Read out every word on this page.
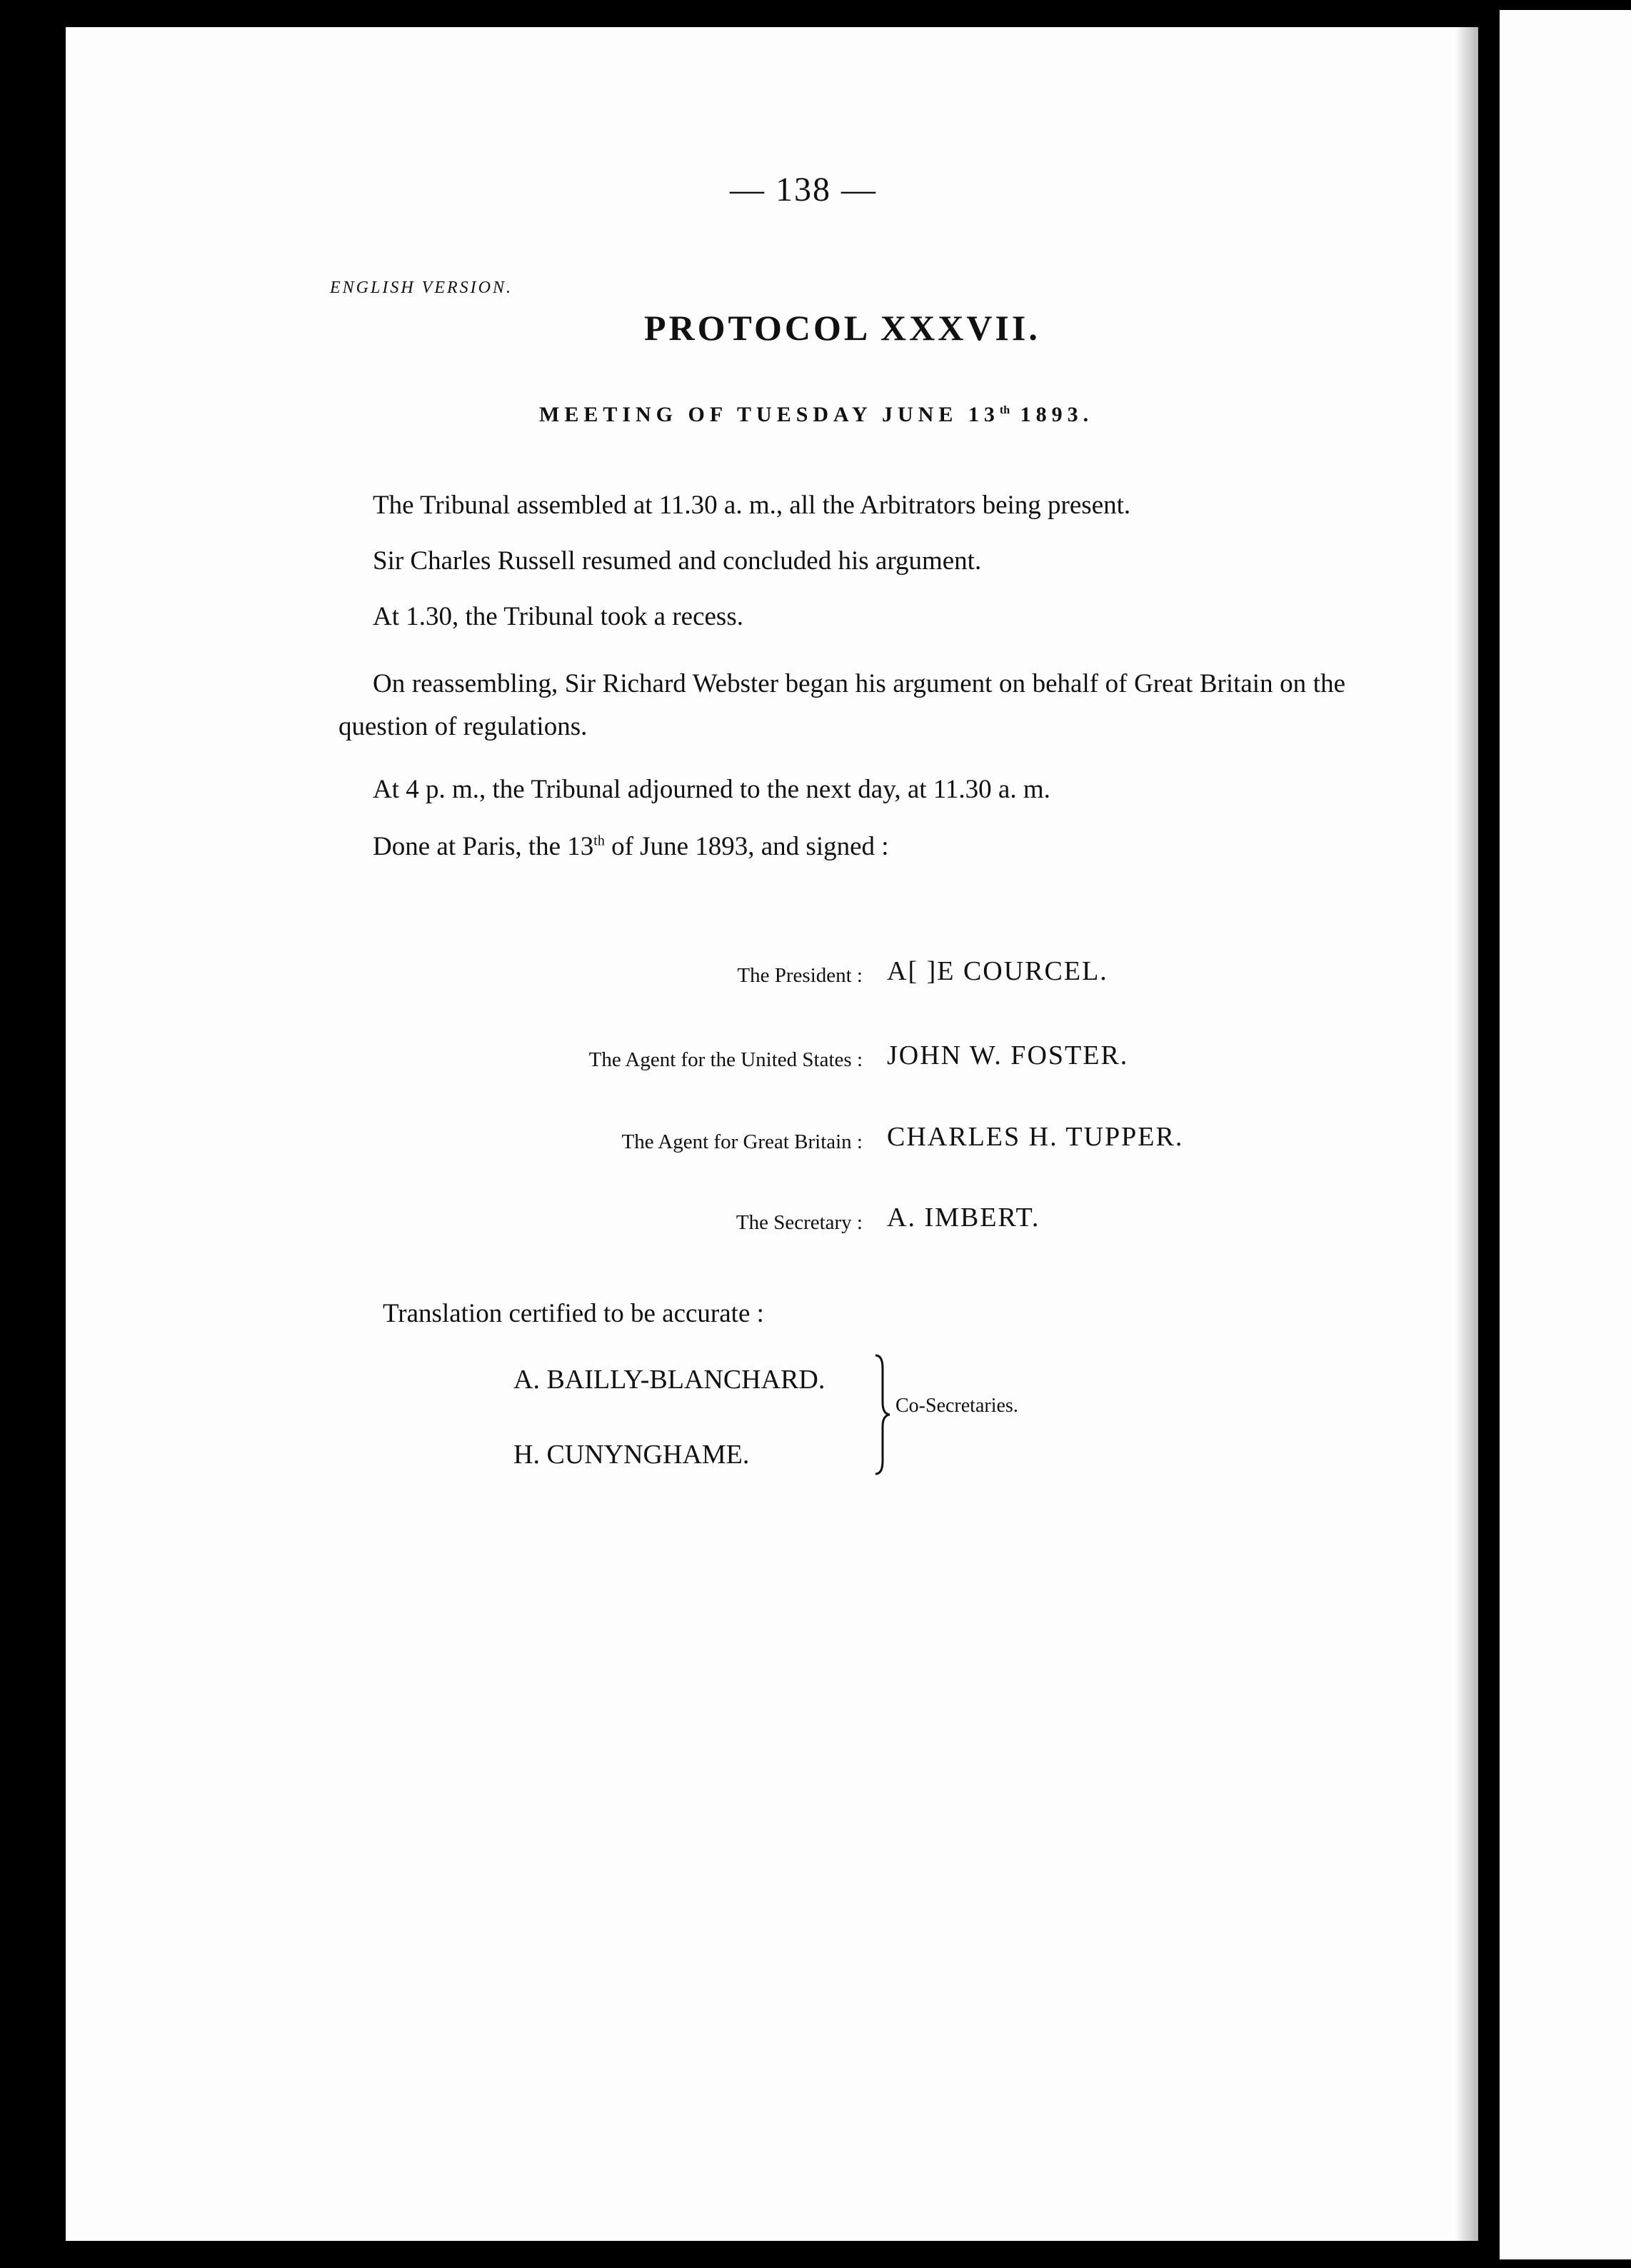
— 138 —

ENGLISH VERSION.

PROTOCOL XXXVII.

MEETING OF TUESDAY JUNE 13th 1893.

The Tribunal assembled at 11.30 a. m., all the Arbitrators being present.

Sir Charles Russell resumed and concluded his argument.

At 1.30, the Tribunal took a recess.

On reassembling, Sir Richard Webster began his argument on behalf of Great Britain on the question of regulations.

At 4 p. m., the Tribunal adjourned to the next day, at 11.30 a. m.

Done at Paris, the 13th of June 1893, and signed :

The President : A[ ]E COURCEL.

The Agent for the United States : JOHN W. FOSTER.

The Agent for Great Britain : CHARLES H. TUPPER.

The Secretary : A. IMBERT.

Translation certified to be accurate :

A. BAILLY-BLANCHARD.

H. CUNYNGHAME.

Co-Secretaries.
